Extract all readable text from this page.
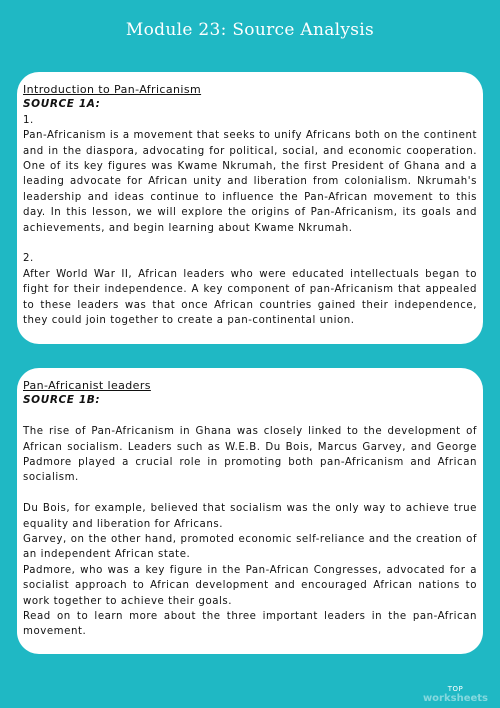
Module 23: Source Analysis

Introduction to Pan-Africanism

SOURCE 1A:

1.

Pan-Africanism is a movement that seeks to unify Africans both on the continent and in the diaspora, advocating for political, social, and economic cooperation. One of its key figures was Kwame Nkrumah, the first President of Ghana and a leading advocate for African unity and liberation from colonialism. Nkrumah's leadership and ideas continue to influence the Pan-African movement to this day. In this lesson, we will explore the origins of Pan-Africanism, its goals and achievements, and begin learning about Kwame Nkrumah.

2.

After World War II, African leaders who were educated intellectuals began to fight for their independence. A key component of pan-Africanism that appealed to these leaders was that once African countries gained their independence, they could join together to create a pan-continental union.

Pan-Africanist leaders

SOURCE 1B:

The rise of Pan-Africanism in Ghana was closely linked to the development of African socialism. Leaders such as W.E.B. Du Bois, Marcus Garvey, and George Padmore played a crucial role in promoting both pan-Africanism and African socialism.

Du Bois, for example, believed that socialism was the only way to achieve true equality and liberation for Africans.

Garvey, on the other hand, promoted economic self-reliance and the creation of an independent African state.

Padmore, who was a key figure in the Pan-African Congresses, advocated for a socialist approach to African development and encouraged African nations to work together to achieve their goals.

Read on to learn more about the three important leaders in the pan-African movement.

TOP
worksheets
